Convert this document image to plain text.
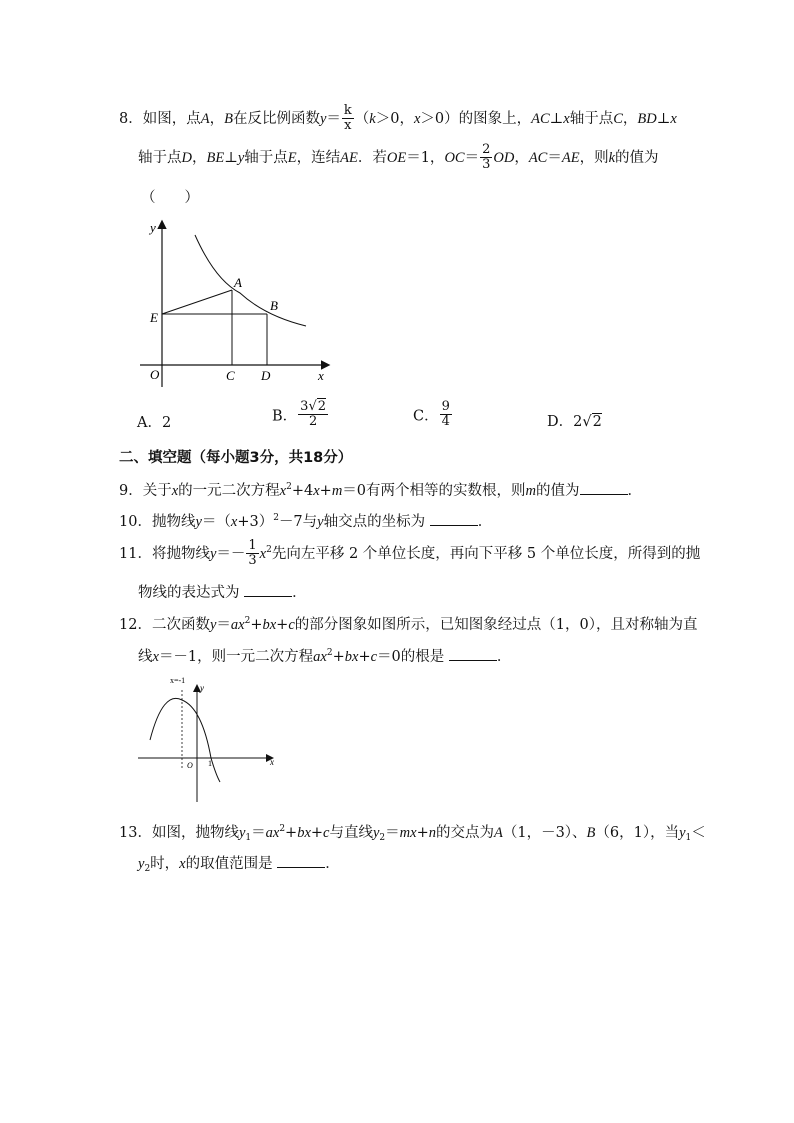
8．如图，点A，B在反比例函数$y= \frac{k}{x} (k>0$，x＞0）的图象上，AC⊥x轴于点C，BD⊥x
轴于点D，BE⊥y轴于点E，连结AE．若OE＝1，$OC= \frac{2}{3}$ OD，AC＝AE，则k的值为
（　　）
y
x
O
A
B
C D
E
x=-1
y
x
O 1
A．2	B． $\frac{3√2}{2}$	C． $\frac{9}{4}$	D．2√2
二、填空题（每小题3分，共18分）
9．关于x的一元二次方程$x^2+4x+m=0$有两个相等的实数根，则m的值为	．
10．抛物线$y=(x+3)^2-7$与y轴交点的坐标为	．
11．将抛物线$y=- \frac{1}{3} x^2$先向左平移 2 个单位长度，再向下平移 5 个单位长度，所得到的抛
物线的表达式为	．
12．二次函数$y=ax^2+bx+c$的部分图象如图所示，已知图象经过点（1，0），且对称轴为直
线x＝－1，则一元二次方程$ax^2+bx+c=0$的根是	．
13．如图，抛物线$y_1=ax^2+bx+c$与直线$y_2=mx+n$的交点为A（1，－3）、B（6，1），当$y_1<$
$y_2$时，x的取值范围是	．
